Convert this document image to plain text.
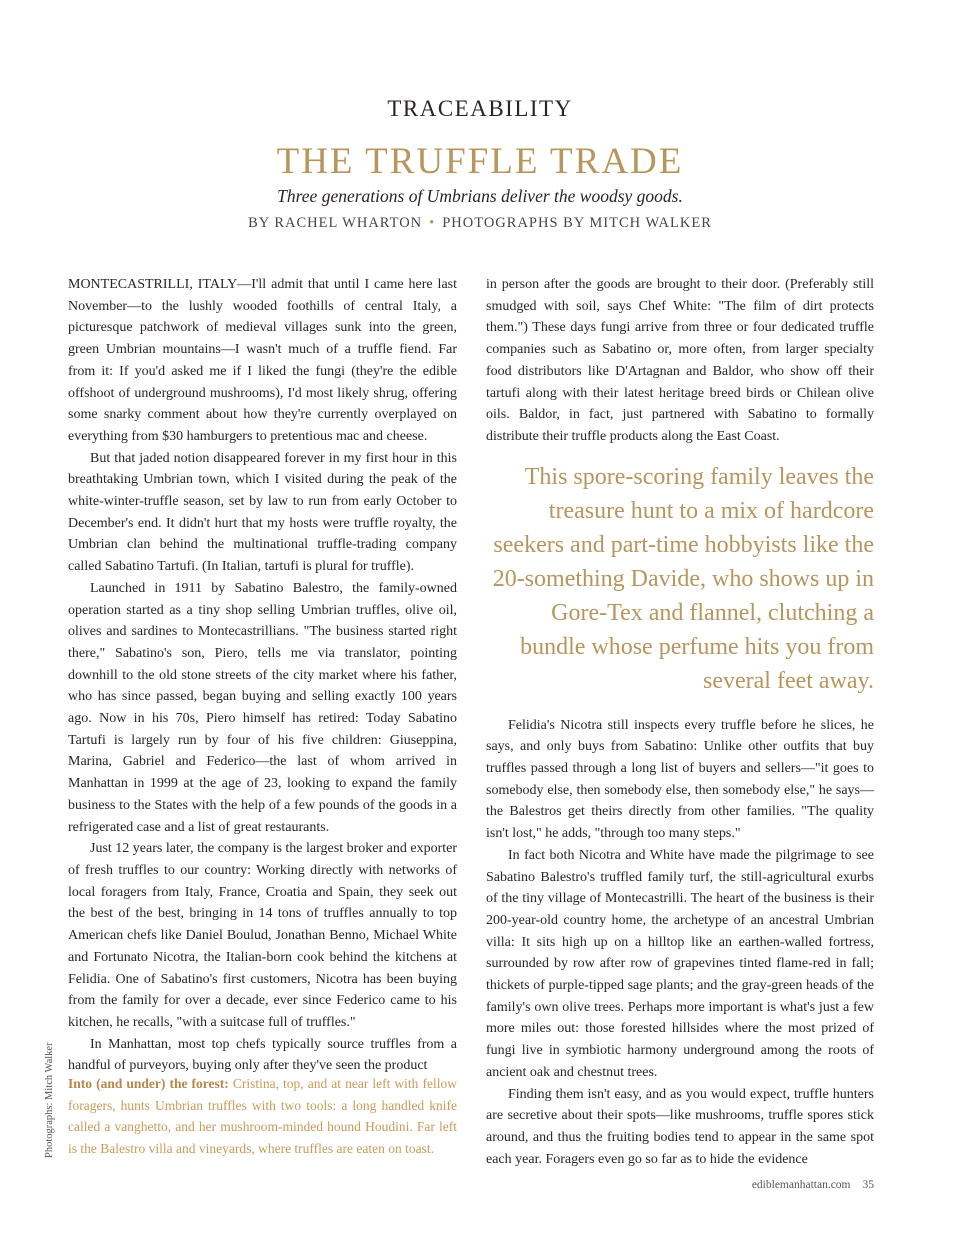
TRACEABILITY
THE TRUFFLE TRADE
Three generations of Umbrians deliver the woodsy goods.
BY RACHEL WHARTON • PHOTOGRAPHS BY MITCH WALKER

MONTECASTRILLI, ITALY—I'll admit that until I came here last November—to the lushly wooded foothills of central Italy, a picturesque patchwork of medieval villages sunk into the green, green Umbrian mountains—I wasn't much of a truffle fiend. Far from it: If you'd asked me if I liked the fungi (they're the edible offshoot of underground mushrooms), I'd most likely shrug, offering some snarky comment about how they're currently overplayed on everything from $30 hamburgers to pretentious mac and cheese.

But that jaded notion disappeared forever in my first hour in this breathtaking Umbrian town, which I visited during the peak of the white-winter-truffle season, set by law to run from early October to December's end. It didn't hurt that my hosts were truffle royalty, the Umbrian clan behind the multinational truffle-trading company called Sabatino Tartufi. (In Italian, tartufi is plural for truffle).

Launched in 1911 by Sabatino Balestro, the family-owned operation started as a tiny shop selling Umbrian truffles, olive oil, olives and sardines to Montecastrillians. "The business started right there," Sabatino's son, Piero, tells me via translator, pointing downhill to the old stone streets of the city market where his father, who has since passed, began buying and selling exactly 100 years ago. Now in his 70s, Piero himself has retired: Today Sabatino Tartufi is largely run by four of his five children: Giuseppina, Marina, Gabriel and Federico—the last of whom arrived in Manhattan in 1999 at the age of 23, looking to expand the family business to the States with the help of a few pounds of the goods in a refrigerated case and a list of great restaurants.

Just 12 years later, the company is the largest broker and exporter of fresh truffles to our country: Working directly with networks of local foragers from Italy, France, Croatia and Spain, they seek out the best of the best, bringing in 14 tons of truffles annually to top American chefs like Daniel Boulud, Jonathan Benno, Michael White and Fortunato Nicotra, the Italian-born cook behind the kitchens at Felidia. One of Sabatino's first customers, Nicotra has been buying from the family for over a decade, ever since Federico came to his kitchen, he recalls, "with a suitcase full of truffles."

In Manhattan, most top chefs typically source truffles from a handful of purveyors, buying only after they've seen the product

Into (and under) the forest: Cristina, top, and at near left with fellow foragers, hunts Umbrian truffles with two tools: a long handled knife called a vanghetto, and her mushroom-minded hound Houdini. Far left is the Balestro villa and vineyards, where truffles are eaten on toast.

in person after the goods are brought to their door. (Preferably still smudged with soil, says Chef White: "The film of dirt protects them.") These days fungi arrive from three or four dedicated truffle companies such as Sabatino or, more often, from larger specialty food distributors like D'Artagnan and Baldor, who show off their tartufi along with their latest heritage breed birds or Chilean olive oils. Baldor, in fact, just partnered with Sabatino to formally distribute their truffle products along the East Coast.

This spore-scoring family leaves the treasure hunt to a mix of hardcore seekers and part-time hobbyists like the 20-something Davide, who shows up in Gore-Tex and flannel, clutching a bundle whose perfume hits you from several feet away.

Felidia's Nicotra still inspects every truffle before he slices, he says, and only buys from Sabatino: Unlike other outfits that buy truffles passed through a long list of buyers and sellers—"it goes to somebody else, then somebody else, then somebody else," he says—the Balestros get theirs directly from other families. "The quality isn't lost," he adds, "through too many steps."

In fact both Nicotra and White have made the pilgrimage to see Sabatino Balestro's truffled family turf, the still-agricultural exurbs of the tiny village of Montecastrilli. The heart of the business is their 200-year-old country home, the archetype of an ancestral Umbrian villa: It sits high up on a hilltop like an earthen-walled fortress, surrounded by row after row of grapevines tinted flame-red in fall; thickets of purple-tipped sage plants; and the gray-green heads of the family's own olive trees. Perhaps more important is what's just a few more miles out: those forested hillsides where the most prized of fungi live in symbiotic harmony underground among the roots of ancient oak and chestnut trees.

Finding them isn't easy, and as you would expect, truffle hunters are secretive about their spots—like mushrooms, truffle spores stick around, and thus the fruiting bodies tend to appear in the same spot each year. Foragers even go so far as to hide the evidence

Photographs: Mitch Walker
ediblemanhattan.com 35
